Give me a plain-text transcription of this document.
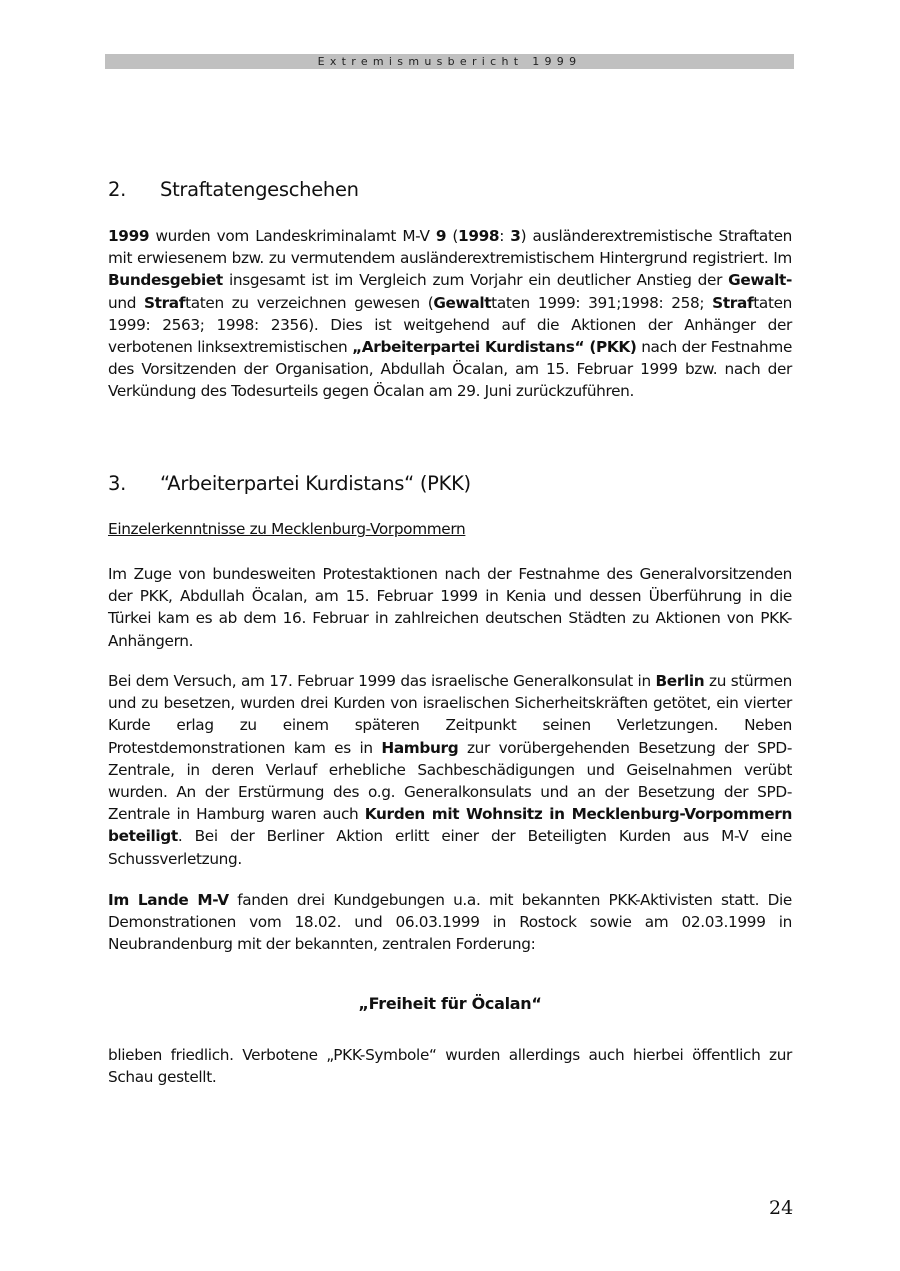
Extremismusbericht 1999
2. Straftatengeschehen

1999 wurden vom Landeskriminalamt M-V 9 (1998: 3) ausländerextremistische Straftaten mit erwiesenem bzw. zu vermutendem ausländerextremistischem Hintergrund registriert. Im Bundesgebiet insgesamt ist im Vergleich zum Vorjahr ein deutlicher Anstieg der Gewalt- und Straftaten zu verzeichnen gewesen (Gewalttaten 1999: 391;1998: 258; Straftaten 1999: 2563; 1998: 2356). Dies ist weitgehend auf die Aktionen der Anhänger der verbotenen linksextremistischen „Arbeiterpartei Kurdistans“ (PKK) nach der Festnahme des Vorsitzenden der Organisation, Abdullah Öcalan, am 15. Februar 1999 bzw. nach der Verkündung des Todesurteils gegen Öcalan am 29. Juni zurückzuführen.

3. “Arbeiterpartei Kurdistans“ (PKK)
Einzelerkenntnisse zu Mecklenburg-Vorpommern

Im Zuge von bundesweiten Protestaktionen nach der Festnahme des Generalvorsitzenden der PKK, Abdullah Öcalan, am 15. Februar 1999 in Kenia und dessen Überführung in die Türkei kam es ab dem 16. Februar in zahlreichen deutschen Städten zu Aktionen von PKK-Anhängern.

Bei dem Versuch, am 17. Februar 1999 das israelische Generalkonsulat in Berlin zu stürmen und zu besetzen, wurden drei Kurden von israelischen Sicherheitskräften getötet, ein vierter Kurde erlag zu einem späteren Zeitpunkt seinen Verletzungen. Neben Protestdemonstrationen kam es in Hamburg zur vorübergehenden Besetzung der SPD-Zentrale, in deren Verlauf erhebliche Sachbeschädigungen und Geiselnahmen verübt wurden. An der Erstürmung des o.g. Generalkonsulats und an der Besetzung der SPD-Zentrale in Hamburg waren auch Kurden mit Wohnsitz in Mecklenburg-Vorpommern beteiligt. Bei der Berliner Aktion erlitt einer der Beteiligten Kurden aus M-V eine Schussverletzung.

Im Lande M-V fanden drei Kundgebungen u.a. mit bekannten PKK-Aktivisten statt. Die Demonstrationen vom 18.02. und 06.03.1999 in Rostock sowie am 02.03.1999 in Neubrandenburg mit der bekannten, zentralen Forderung:

„Freiheit für Öcalan“

blieben friedlich. Verbotene „PKK-Symbole“ wurden allerdings auch hierbei öffentlich zur Schau gestellt.

24
